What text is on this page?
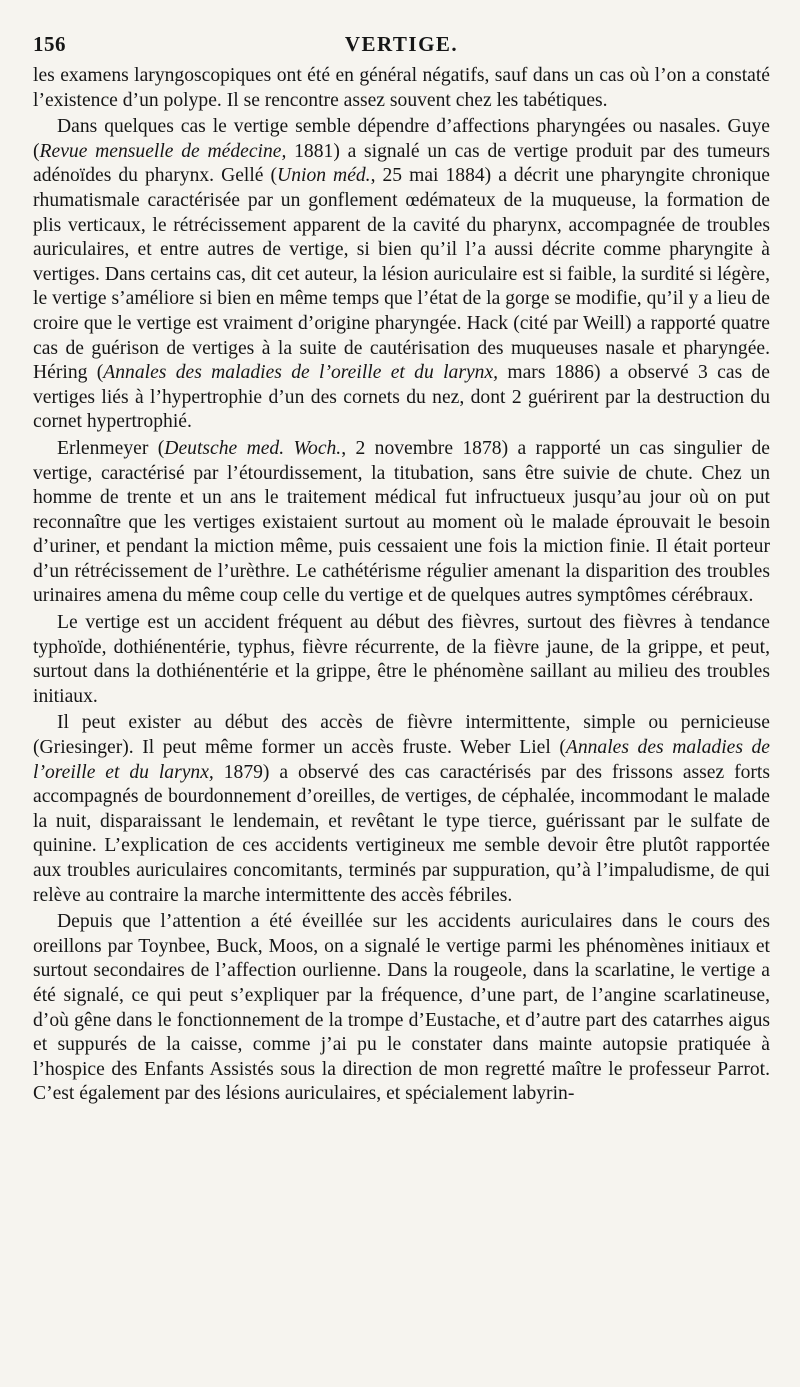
156	VERTIGE.

les examens laryngoscopiques ont été en général négatifs, sauf dans un cas où l’on a constaté l’existence d’un polype. Il se rencontre assez souvent chez les tabétiques.

Dans quelques cas le vertige semble dépendre d’affections pharyngées ou nasales. Guye (Revue mensuelle de médecine, 1881) a signalé un cas de vertige produit par des tumeurs adénoïdes du pharynx. Gellé (Union méd., 25 mai 1884) a décrit une pharyngite chronique rhumatismale caractérisée par un gonflement œdémateux de la muqueuse, la formation de plis verticaux, le rétrécissement apparent de la cavité du pharynx, accompagnée de troubles auriculaires, et entre autres de vertige, si bien qu’il l’a aussi décrite comme pharyngite à vertiges. Dans certains cas, dit cet auteur, la lésion auriculaire est si faible, la surdité si légère, le vertige s’améliore si bien en même temps que l’état de la gorge se modifie, qu’il y a lieu de croire que le vertige est vraiment d’origine pharyngée. Hack (cité par Weill) a rapporté quatre cas de guérison de vertiges à la suite de cautérisation des muqueuses nasale et pharyngée. Héring (Annales des maladies de l’oreille et du larynx, mars 1886) a observé 3 cas de vertiges liés à l’hypertrophie d’un des cornets du nez, dont 2 guérirent par la destruction du cornet hypertrophié.

Erlenmeyer (Deutsche med. Woch., 2 novembre 1878) a rapporté un cas singulier de vertige, caractérisé par l’étourdissement, la titubation, sans être suivie de chute. Chez un homme de trente et un ans le traitement médical fut infructueux jusqu’au jour où on put reconnaître que les vertiges existaient surtout au moment où le malade éprouvait le besoin d’uriner, et pendant la miction même, puis cessaient une fois la miction finie. Il était porteur d’un rétrécissement de l’urèthre. Le cathétérisme régulier amenant la disparition des troubles urinaires amena du même coup celle du vertige et de quelques autres symptômes cérébraux.

Le vertige est un accident fréquent au début des fièvres, surtout des fièvres à tendance typhoïde, dothiénentérie, typhus, fièvre récurrente, de la fièvre jaune, de la grippe, et peut, surtout dans la dothiénentérie et la grippe, être le phénomène saillant au milieu des troubles initiaux.

Il peut exister au début des accès de fièvre intermittente, simple ou pernicieuse (Griesinger). Il peut même former un accès fruste. Weber Liel (Annales des maladies de l’oreille et du larynx, 1879) a observé des cas caractérisés par des frissons assez forts accompagnés de bourdonnement d’oreilles, de vertiges, de céphalée, incommodant le malade la nuit, disparaissant le lendemain, et revêtant le type tierce, guérissant par le sulfate de quinine. L’explication de ces accidents vertigineux me semble devoir être plutôt rapportée aux troubles auriculaires concomitants, terminés par suppuration, qu’à l’impaludisme, de qui relève au contraire la marche intermittente des accès fébriles.

Depuis que l’attention a été éveillée sur les accidents auriculaires dans le cours des oreillons par Toynbee, Buck, Moos, on a signalé le vertige parmi les phénomènes initiaux et surtout secondaires de l’affection ourlienne. Dans la rougeole, dans la scarlatine, le vertige a été signalé, ce qui peut s’expliquer par la fréquence, d’une part, de l’angine scarlatineuse, d’où gêne dans le fonctionnement de la trompe d’Eustache, et d’autre part des catarrhes aigus et suppurés de la caisse, comme j’ai pu le constater dans mainte autopsie pratiquée à l’hospice des Enfants Assistés sous la direction de mon regretté maître le professeur Parrot. C’est également par des lésions auriculaires, et spécialement labyrin-
